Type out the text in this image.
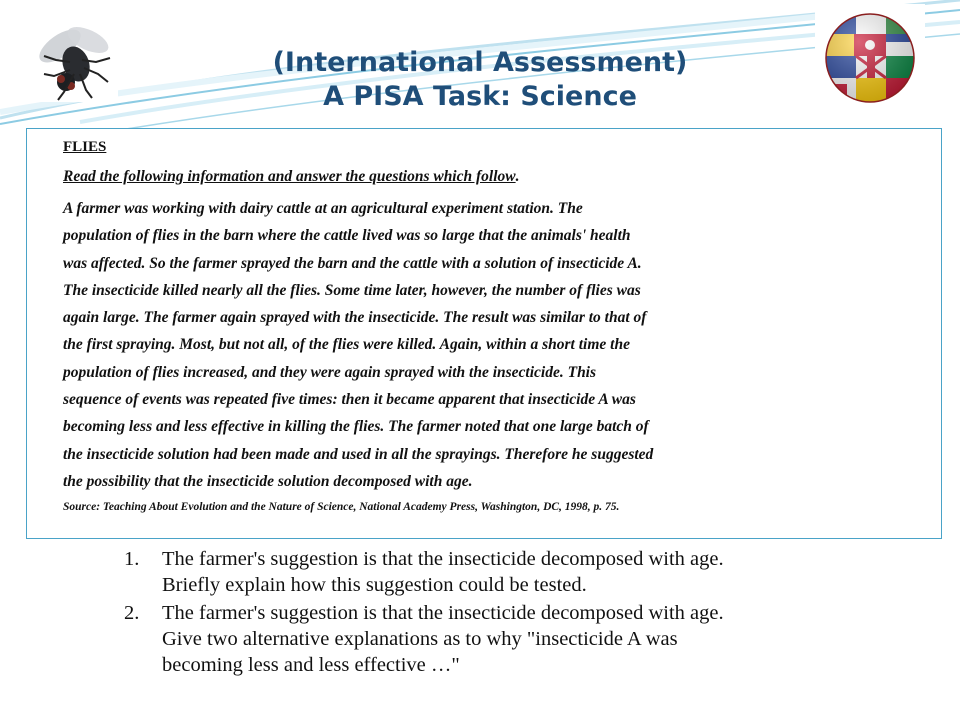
(International Assessment)
A PISA Task: Science
FLIES
Read the following information and answer the questions which follow.

A farmer was working with dairy cattle at an agricultural experiment station. The

population of flies in the barn where the cattle lived was so large that the animals' health

was affected. So the farmer sprayed the barn and the cattle with a solution of insecticide A.

The insecticide killed nearly all the flies. Some time later, however, the number of flies was

again large. The farmer again sprayed with the insecticide. The result was similar to that of

the first spraying. Most, but not all, of the flies were killed. Again, within a short time the

population of flies increased, and they were again sprayed with the insecticide. This

sequence of events was repeated five times: then it became apparent that insecticide A was

becoming less and less effective in killing the flies. The farmer noted that one large batch of

the insecticide solution had been made and used in all the sprayings. Therefore he suggested

the possibility that the insecticide solution decomposed with age.

Source: Teaching About Evolution and the Nature of Science, National Academy Press, Washington, DC, 1998, p. 75.
1.	The farmer's suggestion is that the insecticide decomposed with age.
Briefly explain how this suggestion could be tested.
2.	The farmer's suggestion is that the insecticide decomposed with age.
Give two alternative explanations as to why "insecticide A was
becoming less and less effective …"
